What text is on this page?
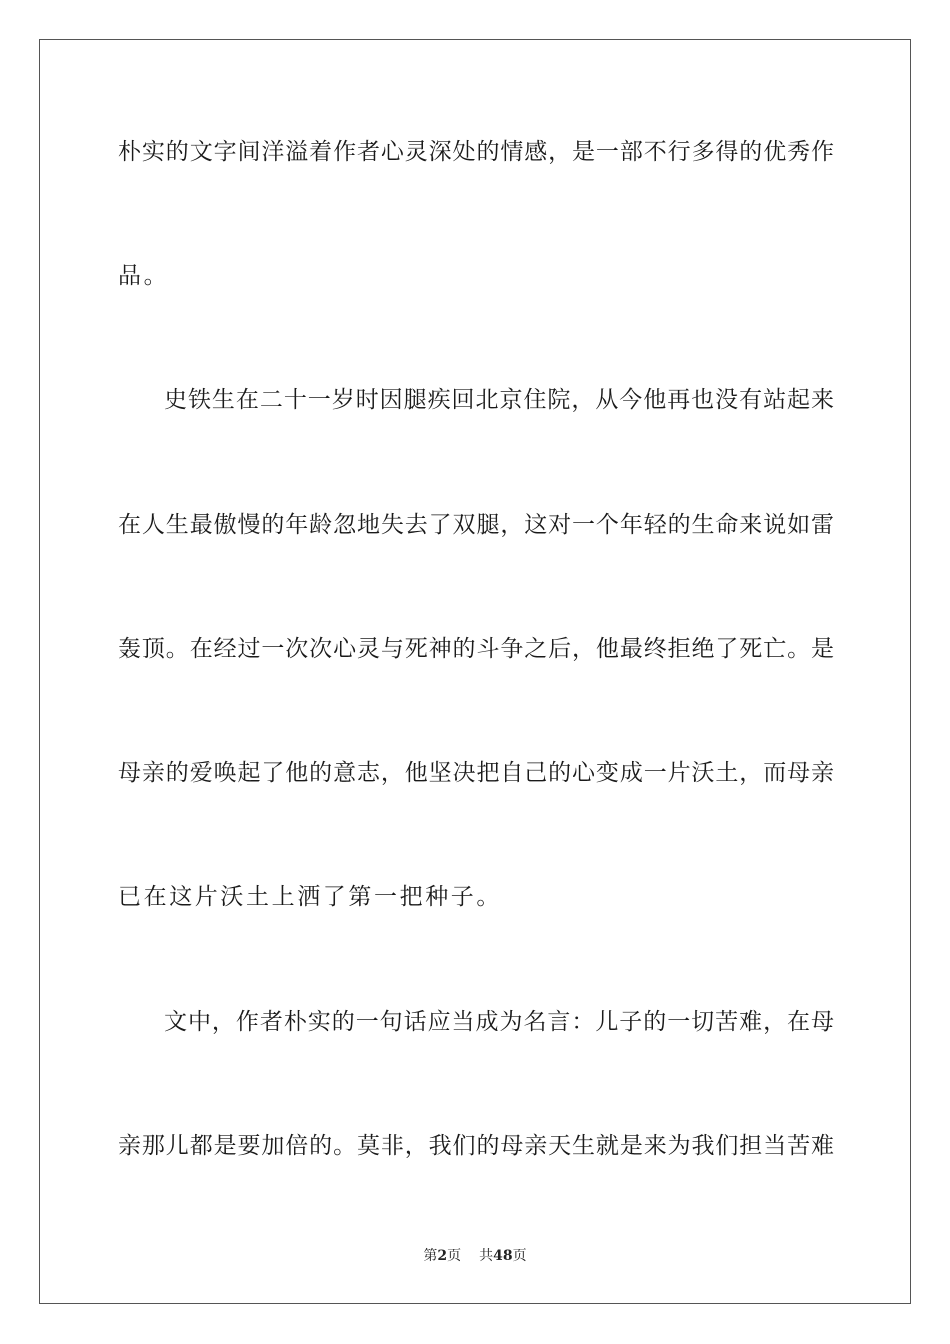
朴实的文字间洋溢着作者心灵深处的情感，是一部不行多得的优秀作
品。
史铁生在二十一岁时因腿疾回北京住院，从今他再也没有站起来
在人生最傲慢的年龄忽地失去了双腿，这对一个年轻的生命来说如雷
轰顶。在经过一次次心灵与死神的斗争之后，他最终拒绝了死亡。是
母亲的爱唤起了他的意志，他坚决把自己的心变成一片沃土，而母亲
已在这片沃土上洒了第一把种子。
文中，作者朴实的一句话应当成为名言：儿子的一切苦难，在母
亲那儿都是要加倍的。莫非，我们的母亲天生就是来为我们担当苦难
第2页 共48页
